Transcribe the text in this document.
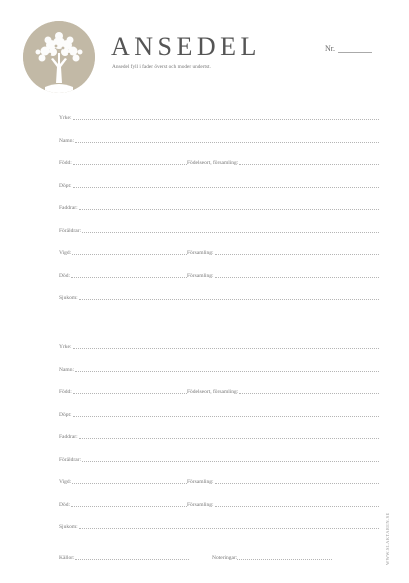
ANSEDEL
Ansedel fyll i fader överst och moder undertst.
Nr.
Yrke:
Namn:
Född:	Födelseort, församling:
Döpt:
Faddrar:
Föräldrar:
Vigd:	Församling:
Död:	Församling:
Sjukom:
Yrke:
Namn:
Född:	Födelseort, församling:
Döpt:
Faddrar:
Föräldrar:
Vigd:	Församling:
Död:	Församling:
Sjukom:
Källor:	Noteringar:	WWW.SLAKTAREN.SE
